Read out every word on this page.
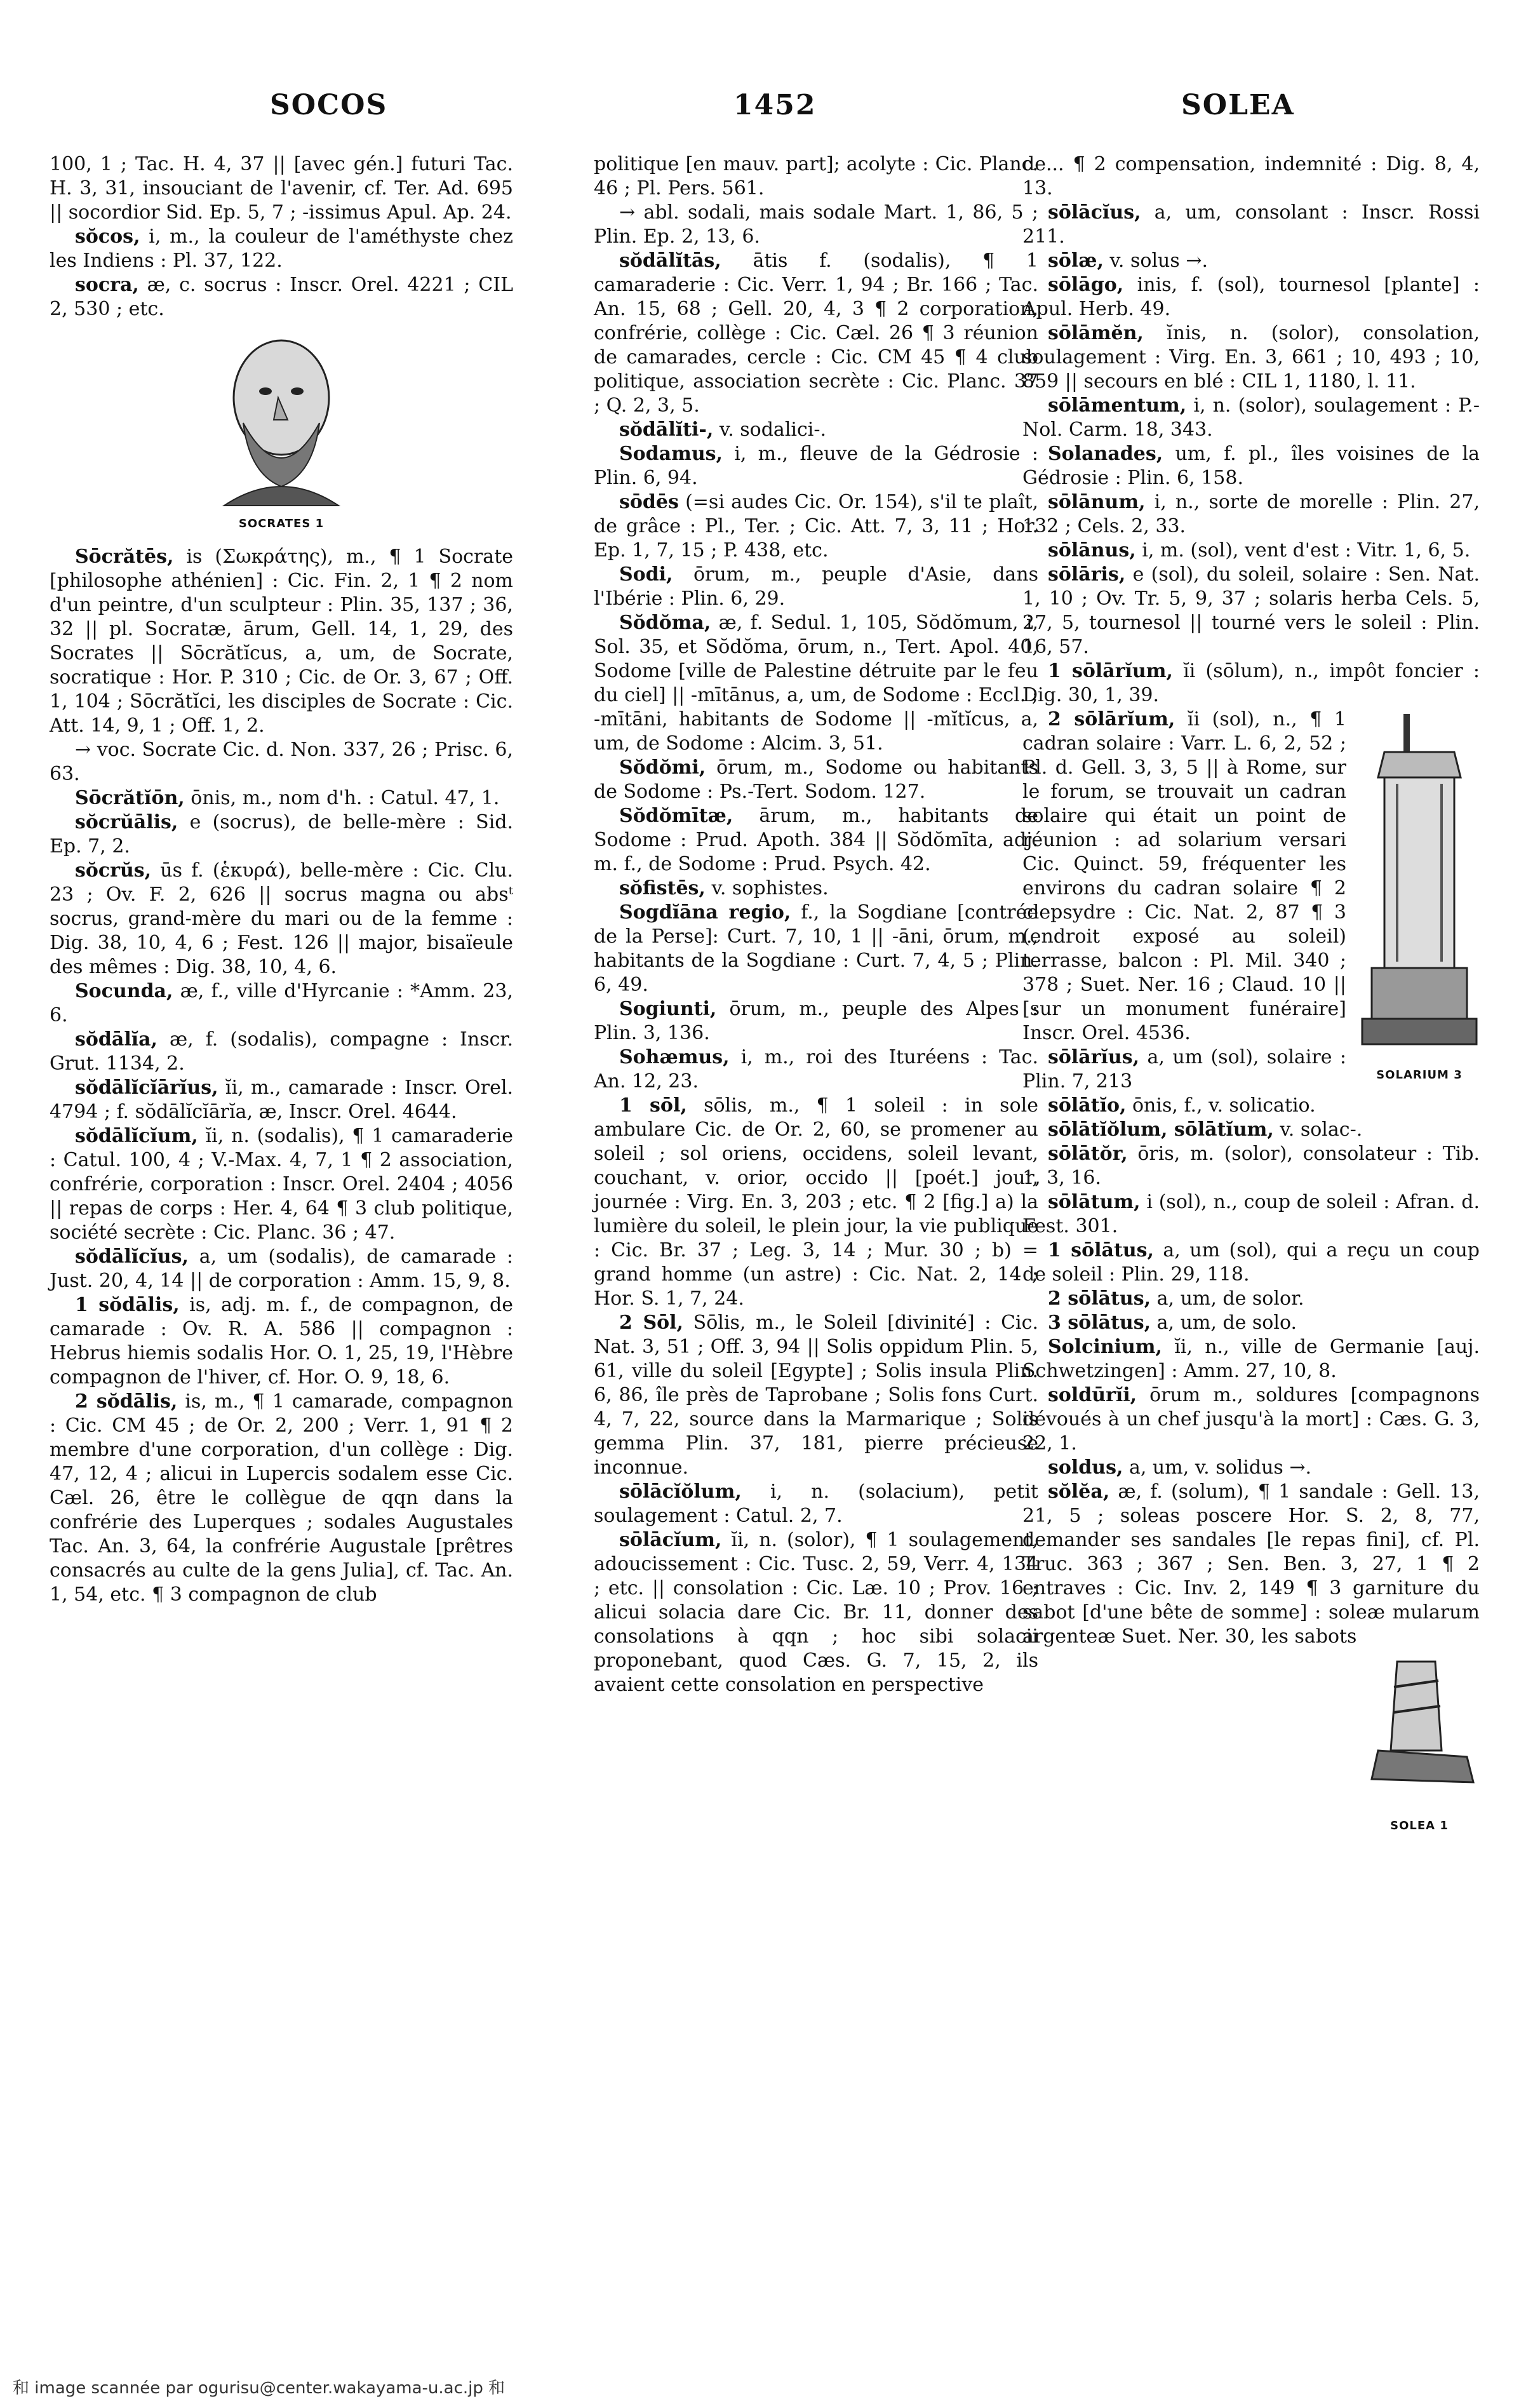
SOCOS	1452	SOLEA

100, 1 ; Tac. H. 4, 37 || [avec gén.] futuri Tac. H. 3, 31, insouciant de l'avenir, cf. Ter. Ad. 695 || socordior Sid. Ep. 5, 7 ; -issimus Apul. Ap. 24.

sŏcos, i, m., la couleur de l'améthyste chez les Indiens : Pl. 37, 122.

socra, æ, c. socrus : Inscr. Orel. 4221 ; CIL 2, 530 ; etc.

SOCRATES 1

Sōcrătēs, is (Σωκράτης), m., ¶ 1 Socrate [philosophe athénien] : Cic. Fin. 2, 1 ¶ 2 nom d'un peintre, d'un sculpteur : Plin. 35, 137 ; 36, 32 || pl. Socratæ, ārum, Gell. 14, 1, 29, des Socrates || Sōcrătĭcus, a, um, de Socrate, socratique : Hor. P. 310 ; Cic. de Or. 3, 67 ; Off. 1, 104 ; Sōcrătĭci, les disciples de Socrate : Cic. Att. 14, 9, 1 ; Off. 1, 2.

→ voc. Socrate Cic. d. Non. 337, 26 ; Prisc. 6, 63.

Sōcrătĭōn, ōnis, m., nom d'h. : Catul. 47, 1.

sŏcrŭālis, e (socrus), de belle-mère : Sid. Ep. 7, 2.

sŏcrŭs, ūs f. (ἑκυρά), belle-mère : Cic. Clu. 23 ; Ov. F. 2, 626 || socrus magna ou absᵗ socrus, grand-mère du mari ou de la femme : Dig. 38, 10, 4, 6 ; Fest. 126 || major, bisaïeule des mêmes : Dig. 38, 10, 4, 6.

Socunda, æ, f., ville d'Hyrcanie : *Amm. 23, 6.

sŏdālĭa, æ, f. (sodalis), compagne : Inscr. Grut. 1134, 2.

sŏdālĭcĭārĭus, ĭi, m., camarade : Inscr. Orel. 4794 ; f. sŏdālĭcĭārĭa, æ, Inscr. Orel. 4644.

sŏdālĭcĭum, ĭi, n. (sodalis), ¶ 1 camaraderie : Catul. 100, 4 ; V.-Max. 4, 7, 1 ¶ 2 association, confrérie, corporation : Inscr. Orel. 2404 ; 4056 || repas de corps : Her. 4, 64 ¶ 3 club politique, société secrète : Cic. Planc. 36 ; 47.

sŏdālĭcĭus, a, um (sodalis), de camarade : Just. 20, 4, 14 || de corporation : Amm. 15, 9, 8.

1 sŏdālis, is, adj. m. f., de compagnon, de camarade : Ov. R. A. 586 || compagnon : Hebrus hiemis sodalis Hor. O. 1, 25, 19, l'Hèbre compagnon de l'hiver, cf. Hor. O. 9, 18, 6.

2 sŏdālis, is, m., ¶ 1 camarade, compagnon : Cic. CM 45 ; de Or. 2, 200 ; Verr. 1, 91 ¶ 2 membre d'une corporation, d'un collège : Dig. 47, 12, 4 ; alicui in Lupercis sodalem esse Cic. Cæl. 26, être le collègue de qqn dans la confrérie des Luperques ; sodales Augustales Tac. An. 3, 64, la confrérie Augustale [prêtres consacrés au culte de la gens Julia], cf. Tac. An. 1, 54, etc. ¶ 3 compagnon de club

politique [en mauv. part]; acolyte : Cic. Planc. 46 ; Pl. Pers. 561.

→ abl. sodali, mais sodale Mart. 1, 86, 5 ; Plin. Ep. 2, 13, 6.

sŏdālĭtās, ātis f. (sodalis), ¶ 1 camaraderie : Cic. Verr. 1, 94 ; Br. 166 ; Tac. An. 15, 68 ; Gell. 20, 4, 3 ¶ 2 corporation, confrérie, collège : Cic. Cæl. 26 ¶ 3 réunion de camarades, cercle : Cic. CM 45 ¶ 4 club politique, association secrète : Cic. Planc. 37 ; Q. 2, 3, 5.

sŏdālĭti-, v. sodalici-.

Sodamus, i, m., fleuve de la Gédrosie : Plin. 6, 94.

sōdēs (=si audes Cic. Or. 154), s'il te plaît, de grâce : Pl., Ter. ; Cic. Att. 7, 3, 11 ; Hor. Ep. 1, 7, 15 ; P. 438, etc.

Sodi, ōrum, m., peuple d'Asie, dans l'Ibérie : Plin. 6, 29.

Sŏdŏma, æ, f. Sedul. 1, 105, Sŏdŏmum, i, Sol. 35, et Sŏdŏma, ōrum, n., Tert. Apol. 40, Sodome [ville de Palestine détruite par le feu du ciel] || -mītānus, a, um, de Sodome : Eccl. ; -mītāni, habitants de Sodome || -mĭtĭcus, a, um, de Sodome : Alcim. 3, 51.

Sŏdŏmi, ōrum, m., Sodome ou habitants de Sodome : Ps.-Tert. Sodom. 127.

Sŏdŏmītæ, ārum, m., habitants de Sodome : Prud. Apoth. 384 || Sŏdŏmīta, adj. m. f., de Sodome : Prud. Psych. 42.

sŏfistēs, v. sophistes.

Sogdĭāna regio, f., la Sogdiane [contrée de la Perse]: Curt. 7, 10, 1 || -āni, ōrum, m., habitants de la Sogdiane : Curt. 7, 4, 5 ; Plin. 6, 49.

Sogiunti, ōrum, m., peuple des Alpes : Plin. 3, 136.

Sohæmus, i, m., roi des Ituréens : Tac. An. 12, 23.

1 sōl, sōlis, m., ¶ 1 soleil : in sole ambulare Cic. de Or. 2, 60, se promener au soleil ; sol oriens, occidens, soleil levant, couchant, v. orior, occido || [poét.] jour, journée : Virg. En. 3, 203 ; etc. ¶ 2 [fig.] a) la lumière du soleil, le plein jour, la vie publique : Cic. Br. 37 ; Leg. 3, 14 ; Mur. 30 ; b) = grand homme (un astre) : Cic. Nat. 2, 14 ; Hor. S. 1, 7, 24.

2 Sōl, Sōlis, m., le Soleil [divinité] : Cic. Nat. 3, 51 ; Off. 3, 94 || Solis oppidum Plin. 5, 61, ville du soleil [Egypte] ; Solis insula Plin. 6, 86, île près de Taprobane ; Solis fons Curt. 4, 7, 22, source dans la Marmarique ; Solis gemma Plin. 37, 181, pierre précieuse inconnue.

sōlācĭŏlum, i, n. (solacium), petit soulagement : Catul. 2, 7.

sōlācĭum, ĭi, n. (solor), ¶ 1 soulagement, adoucissement : Cic. Tusc. 2, 59, Verr. 4, 134 ; etc. || consolation : Cic. Læ. 10 ; Prov. 16 ; alicui solacia dare Cic. Br. 11, donner des consolations à qqn ; hoc sibi solacii proponebant, quod Cæs. G. 7, 15, 2, ils avaient cette consolation en perspective

de... ¶ 2 compensation, indemnité : Dig. 8, 4, 13.

sōlācĭus, a, um, consolant : Inscr. Rossi 211.

sōlæ, v. solus →.

sōlāgo, inis, f. (sol), tournesol [plante] : Apul. Herb. 49.

sōlāmĕn, ĭnis, n. (solor), consolation, soulagement : Virg. En. 3, 661 ; 10, 493 ; 10, 859 || secours en blé : CIL 1, 1180, l. 11.

sōlāmentum, i, n. (solor), soulagement : P.-Nol. Carm. 18, 343.

Solanades, um, f. pl., îles voisines de la Gédrosie : Plin. 6, 158.

sōlānum, i, n., sorte de morelle : Plin. 27, 132 ; Cels. 2, 33.

sōlānus, i, m. (sol), vent d'est : Vitr. 1, 6, 5.

sōlāris, e (sol), du soleil, solaire : Sen. Nat. 1, 10 ; Ov. Tr. 5, 9, 37 ; solaris herba Cels. 5, 27, 5, tournesol || tourné vers le soleil : Plin. 16, 57.

1 sōlārĭum, ĭi (sōlum), n., impôt foncier : Dig. 30, 1, 39.

SOLARIUM 3

2 sōlārĭum, ĭi (sol), n., ¶ 1 cadran solaire : Varr. L. 6, 2, 52 ; Pl. d. Gell. 3, 3, 5 || à Rome, sur le forum, se trouvait un cadran solaire qui était un point de réunion : ad solarium versari Cic. Quinct. 59, fréquenter les environs du cadran solaire ¶ 2 clepsydre : Cic. Nat. 2, 87 ¶ 3 (endroit exposé au soleil) terrasse, balcon : Pl. Mil. 340 ; 378 ; Suet. Ner. 16 ; Claud. 10 || [sur un monument funéraire] Inscr. Orel. 4536.

sōlārĭus, a, um (sol), solaire : Plin. 7, 213

sōlātĭo, ōnis, f., v. solicatio.

sōlātĭŏlum, sōlātĭum, v. solac-.

sōlātŏr, ōris, m. (solor), consolateur : Tib. 1, 3, 16.

sōlātum, i (sol), n., coup de soleil : Afran. d. Fest. 301.

1 sōlātus, a, um (sol), qui a reçu un coup de soleil : Plin. 29, 118.

2 sōlātus, a, um, de solor.

3 sōlātus, a, um, de solo.

Solcinium, ĭi, n., ville de Germanie [auj. Schwetzingen] : Amm. 27, 10, 8.

soldūrĭi, ōrum m., soldures [compagnons dévoués à un chef jusqu'à la mort] : Cæs. G. 3, 22, 1.

soldus, a, um, v. solidus →.

sŏlĕa, æ, f. (solum), ¶ 1 sandale : Gell. 13, 21, 5 ; soleas poscere Hor. S. 2, 8, 77, demander ses sandales [le repas fini], cf. Pl. Truc. 363 ; 367 ; Sen. Ben. 3, 27, 1 ¶ 2 entraves : Cic. Inv. 2, 149 ¶ 3 garniture du sabot [d'une bête de somme] : soleæ mularum argenteæ Suet. Ner. 30, les sabots

SOLEA 1

和 image scannée par ogurisu@center.wakayama-u.ac.jp 和
